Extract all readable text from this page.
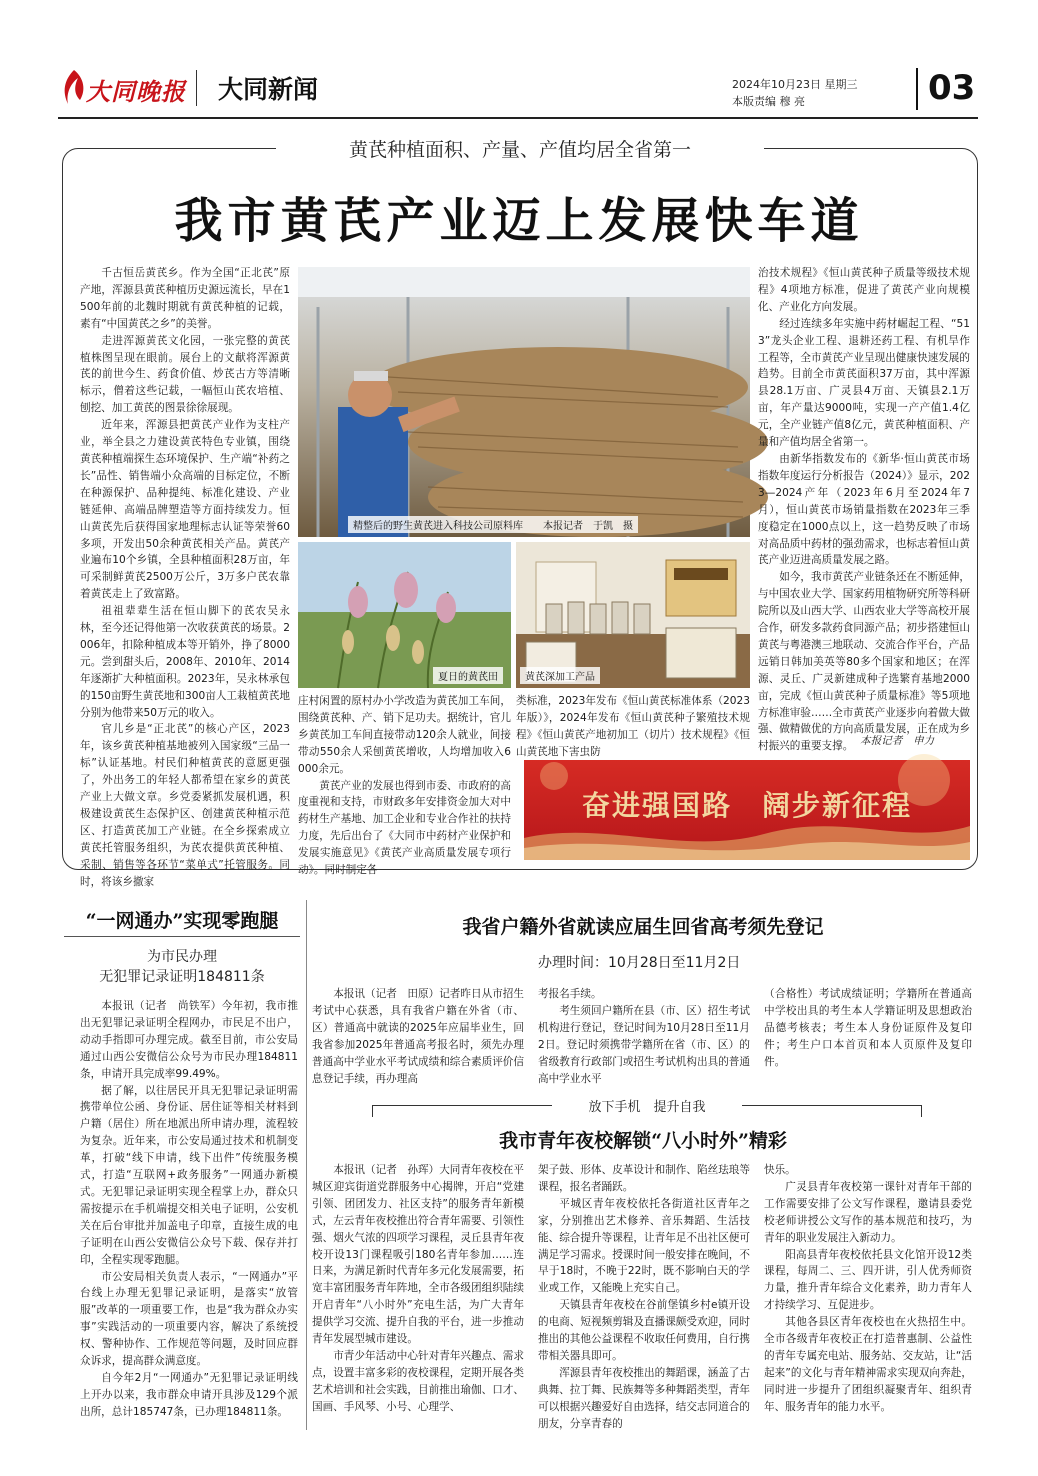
大同晚报 大同新闻	2024年10月23日 星期三
本版责编 穆 亮	03
黄芪种植面积、产量、产值均居全省第一
我市黄芪产业迈上发展快车道

千古恒岳黄芪乡。作为全国“正北芪”原产地，浑源县黄芪种植历史源远流长，早在1500年前的北魏时期就有黄芪种植的记载，素有“中国黄芪之乡”的美誉。

走进浑源黄芪文化园，一张完整的黄芪植株图呈现在眼前。展台上的文献将浑源黄芪的前世今生、药食价值、炒芪古方等清晰标示，僧着这些记载，一幅恒山芪农培植、刨挖、加工黄芪的图景徐徐展现。

近年来，浑源县把黄芪产业作为支柱产业，举全县之力建设黄芪特色专业镇，围绕黄芪种植端探生态环境保护、生产端“补药之长”品性、销售端小众高端的目标定位，不断在种源保护、品种提纯、标准化建设、产业链延伸、高端品牌塑造等方面持续发力。恒山黄芪先后获得国家地理标志认证等荣誉60多项，开发出50余种黄芪相关产品。黄芪产业遍布10个乡镇，全县种植面积28万亩，年可采制鲜黄芪2500万公斤，3万多户芪农靠着黄芪走上了致富路。

祖祖辈辈生活在恒山脚下的芪农吴永林，至今还记得他第一次收获黄芪的场景。2006年，扣除种植成本等开销外，挣了8000元。尝到甜头后，2008年、2010年、2014年逐渐扩大种植面积。2023年，吴永林承包的150亩野生黄芪地和300亩人工栽植黄芪地分别为他带来50万元的收入。

官儿乡是“正北芪”的核心产区，2023年，该乡黄芪种植基地被列入国家级“三品一标”认证基地。村民们种植黄芪的意愿更强了，外出务工的年轻人都希望在家乡的黄芪产业上大做文章。乡党委紧抓发展机遇，积极建设黄芪生态保护区、创建黄芪种植示范区、打造黄芪加工产业链。在全乡探索成立黄芪托管服务组织，为芪农提供黄芪种植、采制、销售等各环节“菜单式”托管服务。同时，将该乡撤家

精整后的野生黄芪进入科技公司原料库　　本报记者　于凯　摄
夏日的黄芪田	黄芪深加工产品

庄村闲置的原村办小学改造为黄芪加工车间，围绕黄芪种、产、销下足功夫。据统计，官儿乡黄芪加工车间直接带动120余人就业，间接带动550余人采刨黄芪增收，人均增加收入6000余元。

黄芪产业的发展也得到市委、市政府的高度重视和支持，市财政多年安排资金加大对中药材生产基地、加工企业和专业合作社的扶持力度，先后出台了《大同市中药材产业保护和发展实施意见》《黄芪产业高质量发展专项行动》。同时制定各

类标准，2023年发布《恒山黄芪标准体系（2023年版）》，2024年发布《恒山黄芪种子繁殖技术规程》《恒山黄芪产地初加工（切片）技术规程》《恒山黄芪地下害虫防

治技术规程》《恒山黄芪种子质量等级技术规程》4项地方标准，促进了黄芪产业向规模化、产业化方向发展。

经过连续多年实施中药材崛起工程、“513”龙头企业工程、退耕还药工程、有机旱作工程等，全市黄芪产业呈现出健康快速发展的趋势。目前全市黄芪面积37万亩，其中浑源县28.1万亩、广灵县4万亩、天镇县2.1万亩，年产量达9000吨，实现一产产值1.4亿元，全产业链产值8亿元，黄芪种植面积、产量和产值均居全省第一。

由新华指数发布的《新华·恒山黄芪市场指数年度运行分析报告（2024）》显示，2023—2024产年（2023年6月至2024年7月），恒山黄芪市场销量指数在2023年三季度稳定在1000点以上，这一趋势反映了市场对高品质中药材的强劲需求，也标志着恒山黄芪产业迈进高质量发展之路。

如今，我市黄芪产业链条还在不断延伸，与中国农业大学、国家药用植物研究所等科研院所以及山西大学、山西农业大学等高校开展合作，研发多款药食同源产品；初步搭建恒山黄芪与粤港澳三地联动、交流合作平台，产品远销日韩加美英等80多个国家和地区；在浑源、灵丘、广灵新建成种子选繁育基地2000亩，完成《恒山黄芪种子质量标准》等5项地方标准审验……全市黄芪产业逐步向着做大做强、做精做优的方向高质量发展，正在成为乡村振兴的重要支撑。 本报记者　申力
奋进强国路　阔步新征程
“一网通办”实现零跑腿
为市民办理
无犯罪记录证明184811条

本报讯（记者　尚铁军）今年初，我市推出无犯罪记录证明全程网办，市民足不出户，动动手指即可办理完成。截至目前，市公安局通过山西公安微信公众号为市民办理184811条，申请开具完成率99.49%。

据了解，以往居民开具无犯罪记录证明需携带单位公函、身份证、居住证等相关材料到户籍（居住）所在地派出所申请办理，流程较为复杂。近年来，市公安局通过技术和机制变革，打破“线下申请，线下出件”传统服务模式，打造“互联网+政务服务”一网通办新模式。无犯罪记录证明实现全程掌上办，群众只需按提示在手机端提交相关电子证明，公安机关在后台审批并加盖电子印章，直接生成的电子证明在山西公安微信公众号下载、保存并打印，全程实现零跑腿。

市公安局相关负责人表示，“一网通办”平台线上办理无犯罪记录证明，是落实“放管服”改革的一项重要工作，也是“我为群众办实事”实践活动的一项重要内容，解决了系统授权、警种协作、工作规范等问题，及时回应群众诉求，提高群众满意度。

自今年2月“一网通办”无犯罪记录证明线上开办以来，我市群众申请开具涉及129个派出所，总计185747条，已办理184811条。

我省户籍外省就读应届生回省高考须先登记
办理时间：10月28日至11月2日

本报讯（记者　田原）记者昨日从市招生考试中心获悉，具有我省户籍在外省（市、区）普通高中就读的2025年应届毕业生，回我省参加2025年普通高考报名时，须先办理普通高中学业水平考试成绩和综合素质评价信息登记手续，再办理高

考报名手续。

考生须回户籍所在县（市、区）招生考试机构进行登记，登记时间为10月28日至11月2日。登记时须携带学籍所在省（市、区）的省级教育行政部门或招生考试机构出具的普通高中学业水平

（合格性）考试成绩证明；学籍所在普通高中学校出具的考生本人学籍证明及思想政治品德考核表；考生本人身份证原件及复印件；考生户口本首页和本人页原件及复印件。

放下手机　提升自我
我市青年夜校解锁“八小时外”精彩

本报讯（记者　孙珲）大同青年夜校在平城区迎宾街道党群服务中心揭牌，开启“党建引领、团团发力、社区支持”的服务青年新模式，左云青年夜校推出符合青年需要、引领性强、烟火气浓的四项学习课程，灵丘县青年夜校开设13门课程吸引180名青年参加……连日来，为满足新时代青年多元化发展需要，拓宽丰富团服务青年阵地，全市各级团组织陆续开启青年“八小时外”充电生活，为广大青年提供学习交流、提升自我的平台，进一步推动青年发展型城市建设。

市青少年活动中心针对青年兴趣点、需求点，设置丰富多彩的夜校课程，定期开展各类艺术培训和社会实践，目前推出瑜伽、口才、国画、手风琴、小号、心理学、

架子鼓、形体、皮革设计和制作、陷丝珐琅等课程，报名者踊跃。

平城区青年夜校依托各街道社区青年之家，分别推出艺术修养、音乐舞蹈、生活技能、综合提升等课程，让青年足不出社区便可满足学习需求。授课时间一般安排在晚间，不早于18时，不晚于22时，既不影响白天的学业或工作，又能晚上充实自己。

天镇县青年夜校在谷前堡镇乡村e镇开设的电商、短视频剪辑及直播课颇受欢迎，同时推出的其他公益课程不收取任何费用，自行携带相关器具即可。

浑源县青年夜校推出的舞蹈课，涵盖了古典舞、拉丁舞、民族舞等多种舞蹈类型，青年可以根据兴趣爱好自由选择，结交志同道合的朋友，分享青春的

快乐。

广灵县青年夜校第一课针对青年干部的工作需要安排了公文写作课程，邀请县委党校老师讲授公文写作的基本规范和技巧，为青年的职业发展注入新动力。

阳高县青年夜校依托县文化馆开设12类课程，每周二、三、四开讲，引人优秀师资力量，推升青年综合文化素养，助力青年人才持续学习、互促进步。

其他各县区青年夜校也在火热招生中。全市各级青年夜校正在打造普惠制、公益性的青年专属充电站、服务站、交友站，让“活起来”的文化与青年精神需求实现双向奔赴，同时进一步提升了团组织凝聚青年、组织青年、服务青年的能力水平。
